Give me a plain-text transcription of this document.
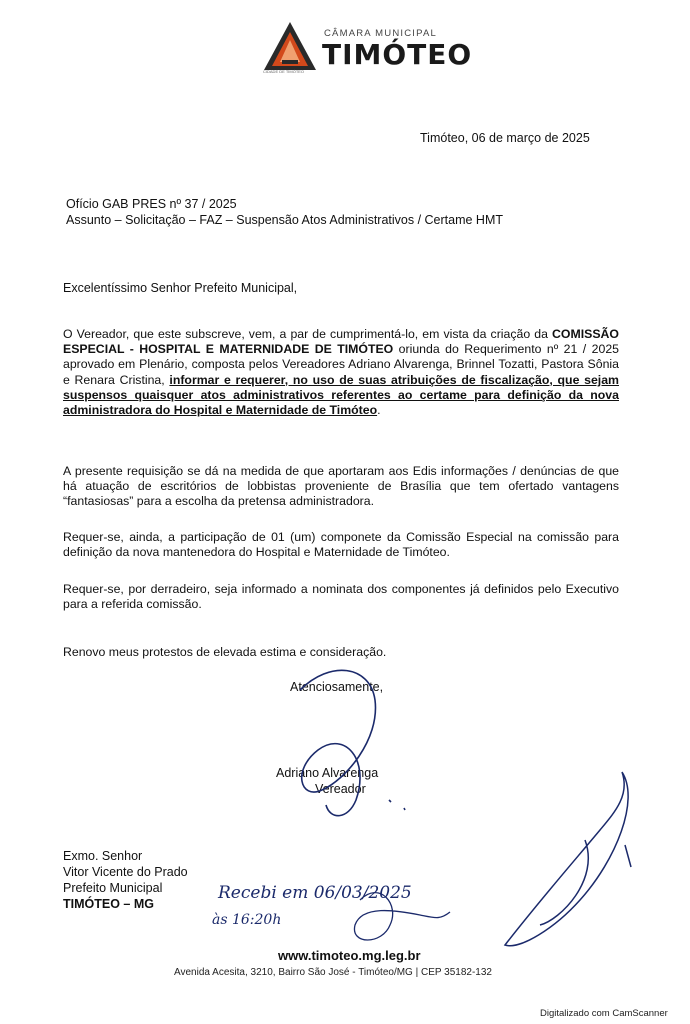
CÂMARA MUNICIPAL
TIMÓTEO
CIDADE DE TIMÓTEO
Timóteo, 06 de março de 2025
Ofício GAB PRES nº 37 / 2025
Assunto – Solicitação – FAZ – Suspensão Atos Administrativos / Certame HMT
Excelentíssimo Senhor Prefeito Municipal,
O Vereador, que este subscreve, vem, a par de cumprimentá-lo, em vista da criação da COMISSÃO ESPECIAL - HOSPITAL E MATERNIDADE DE TIMÓTEO oriunda do Requerimento nº 21 / 2025 aprovado em Plenário, composta pelos Vereadores Adriano Alvarenga, Brinnel Tozatti, Pastora Sônia e Renara Cristina, informar e requerer, no uso de suas atribuições de fiscalização, que sejam suspensos quaisquer atos administrativos referentes ao certame para definição da nova administradora do Hospital e Maternidade de Timóteo.
A presente requisição se dá na medida de que aportaram aos Edis informações / denúncias de que há atuação de escritórios de lobbistas proveniente de Brasília que tem ofertado vantagens “fantasiosas” para a escolha da pretensa administradora.
Requer-se, ainda, a participação de 01 (um) componete da Comissão Especial na comissão para definição da nova mantenedora do Hospital e Maternidade de Timóteo.
Requer-se, por derradeiro, seja informado a nominata dos componentes já definidos pelo Executivo para a referida comissão.
Renovo meus protestos de elevada estima e consideração.
Atenciosamente,
Adriano Alvarenga
Vereador
Exmo. Senhor
Vitor Vicente do Prado
Prefeito Municipal
TIMÓTEO – MG
www.timoteo.mg.leg.br
Avenida Acesita, 3210, Bairro São José - Timóteo/MG | CEP 35182-132
Digitalizado com CamScanner
Recebi em 06/03/2025
às 16:20h
